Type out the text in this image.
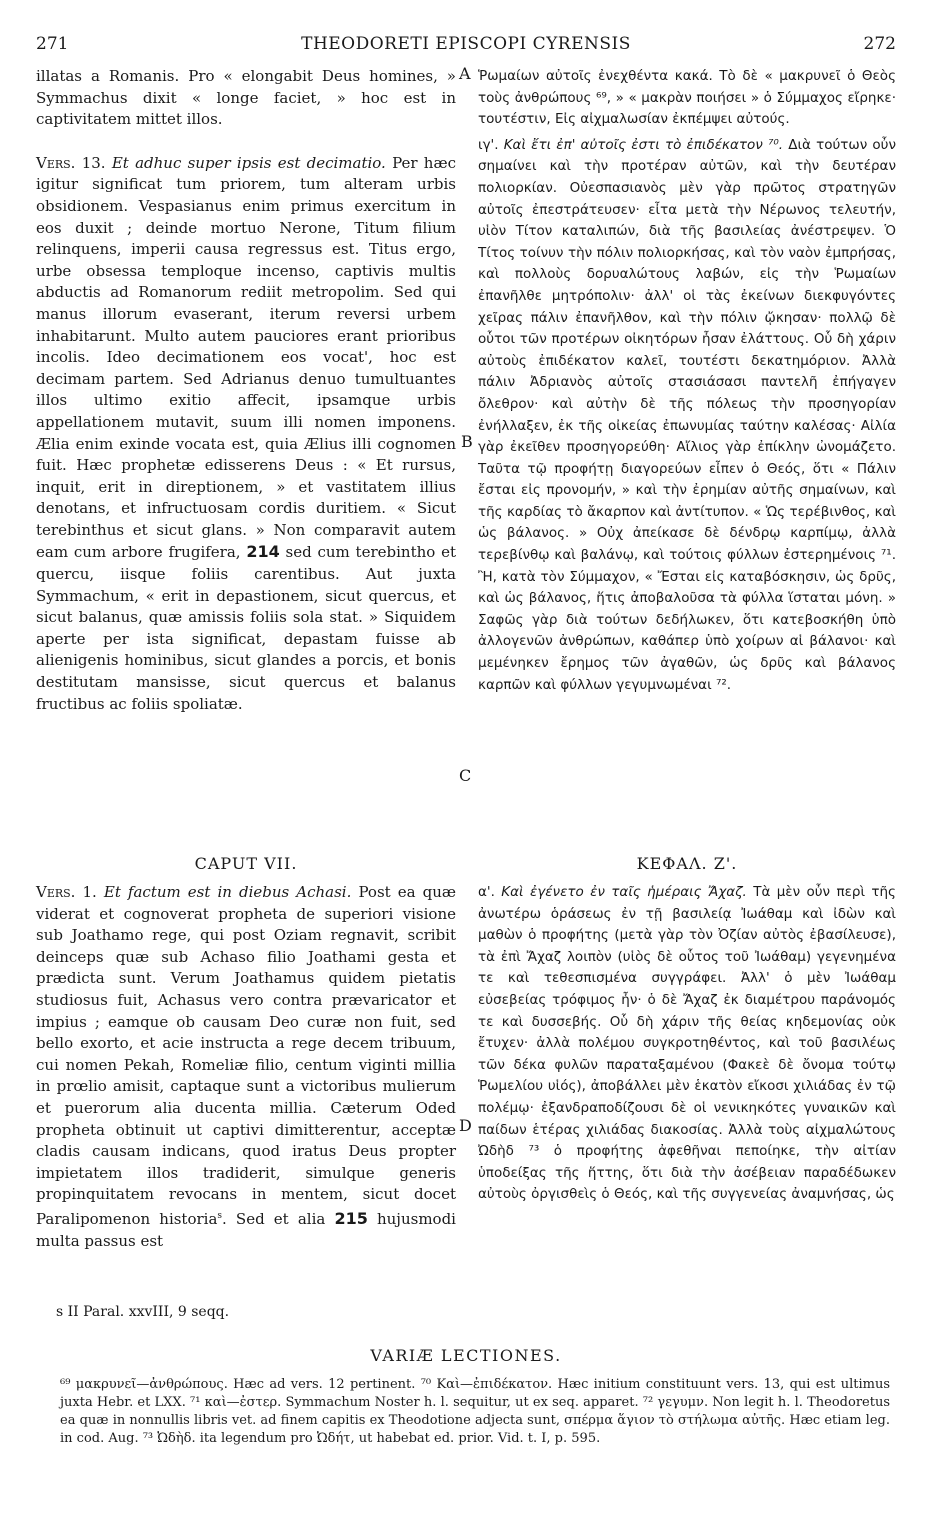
271	THEODORETI EPISCOPI CYRENSIS	272

illatas a Romanis. Pro « elongabit Deus homines, » Symmachus dixit « longe faciet, » hoc est in captivitatem mittet illos.

Vers. 13. Et adhuc super ipsis est decimatio. Per hæc igitur significat tum priorem, tum alteram urbis obsidionem. Vespasianus enim primus exercitum in eos duxit ; deinde mortuo Nerone, Titum filium relinquens, imperii causa regressus est. Titus ergo, urbe obsessa temploque incenso, captivis multis abductis ad Romanorum rediit metropolim. Sed qui manus illorum evaserant, iterum reversi urbem inhabitarunt. Multo autem pauciores erant prioribus incolis. Ideo decimationem eos vocat', hoc est decimam partem. Sed Adrianus denuo tumultuantes illos ultimo exitio affecit, ipsamque urbis appellationem mutavit, suum illi nomen imponens. Ælia enim exinde vocata est, quia Ælius illi cognomen fuit. Hæc prophetæ edisserens Deus : « Et rursus, inquit, erit in direptionem, » et vastitatem illius denotans, et infructuosam cordis duritiem. « Sicut terebinthus et sicut glans. » Non comparavit autem eam cum arbore frugifera, 214 sed cum terebintho et quercu, iisque foliis carentibus. Aut juxta Symmachum, « erit in depastionem, sicut quercus, et sicut balanus, quæ amissis foliis sola stat. » Siquidem aperte per ista significat, depastam fuisse ab alienigenis hominibus, sicut glandes a porcis, et bonis destitutam mansisse, sicut quercus et balanus fructibus ac foliis spoliatæ.

Ῥωμαίων αὐτοῖς ἐνεχθέντα κακά. Τὸ δὲ « μακρυνεῖ ὁ Θεὸς τοὺς ἀνθρώπους ⁶⁹, » « μακρὰν ποιήσει » ὁ Σύμμαχος εἴρηκε· τουτέστιν, Εἰς αἰχμαλωσίαν ἐκπέμψει αὐτούς.

ιγ'. Καὶ ἔτι ἐπ' αὐτοῖς ἐστι τὸ ἐπιδέκατον ⁷⁰. Διὰ τούτων οὖν σημαίνει καὶ τὴν προτέραν αὐτῶν, καὶ τὴν δευτέραν πολιορκίαν. Οὐεσπασιανὸς μὲν γὰρ πρῶτος στρατηγῶν αὐτοῖς ἐπεστράτευσεν· εἶτα μετὰ τὴν Νέρωνος τελευτήν, υἱὸν Τίτον καταλιπών, διὰ τῆς βασιλείας ἀνέστρεψεν. Ὁ Τίτος τοίνυν τὴν πόλιν πολιορκήσας, καὶ τὸν ναὸν ἐμπρήσας, καὶ πολλοὺς δορυαλώτους λαβών, εἰς τὴν Ῥωμαίων ἐπανῆλθε μητρόπολιν· ἀλλ' οἱ τὰς ἐκείνων διεκφυγόντες χεῖρας πάλιν ἐπανῆλθον, καὶ τὴν πόλιν ᾤκησαν· πολλῷ δὲ οὗτοι τῶν προτέρων οἰκητόρων ἦσαν ἐλάττους. Οὗ δὴ χάριν αὐτοὺς ἐπιδέκατον καλεῖ, τουτέστι δεκατημόριον. Ἀλλὰ πάλιν Ἀδριανὸς αὐτοῖς στασιάσασι παντελῆ ἐπήγαγεν ὄλεθρον· καὶ αὐτὴν δὲ τῆς πόλεως τὴν προσηγορίαν ἐνήλλαξεν, ἐκ τῆς οἰκείας ἐπωνυμίας ταύτην καλέσας· Αἰλία γὰρ ἐκεῖθεν προσηγορεύθη· Αἴλιος γὰρ ἐπίκλην ὠνομάζετο. Ταῦτα τῷ προφήτῃ διαγορεύων εἶπεν ὁ Θεός, ὅτι « Πάλιν ἔσται εἰς προνομήν, » καὶ τὴν ἐρημίαν αὐτῆς σημαίνων, καὶ τῆς καρδίας τὸ ἄκαρπον καὶ ἀντίτυπον. « Ὡς τερέβινθος, καὶ ὡς βάλανος. » Οὐχ ἀπείκασε δὲ δένδρῳ καρπίμῳ, ἀλλὰ τερεβίνθῳ καὶ βαλάνῳ, καὶ τούτοις φύλλων ἐστερημένοις ⁷¹. Ἢ, κατὰ τὸν Σύμμαχον, « Ἔσται εἰς καταβόσκησιν, ὡς δρῦς, καὶ ὡς βάλανος, ἥτις ἀποβαλοῦσα τὰ φύλλα ἵσταται μόνη. » Σαφῶς γὰρ διὰ τούτων δεδήλωκεν, ὅτι κατεβοσκήθη ὑπὸ ἀλλογενῶν ἀνθρώπων, καθάπερ ὑπὸ χοίρων αἱ βάλανοι· καὶ μεμένηκεν ἔρημος τῶν ἀγαθῶν, ὡς δρῦς καὶ βάλανος καρπῶν καὶ φύλλων γεγυμνωμέναι ⁷².

A
B
C
D
CAPUT VII.	ΚΕΦΑΛ. Ζ'.

Vers. 1. Et factum est in diebus Achasi. Post ea quæ viderat et cognoverat propheta de superiori visione sub Joathamo rege, qui post Oziam regnavit, scribit deinceps quæ sub Achaso filio Joathami gesta et prædicta sunt. Verum Joathamus quidem pietatis studiosus fuit, Achasus vero contra prævaricator et impius ; eamque ob causam Deo curæ non fuit, sed bello exorto, et acie instructa a rege decem tribuum, cui nomen Pekah, Romeliæ filio, centum viginti millia in prœlio amisit, captaque sunt a victoribus mulierum et puerorum alia ducenta millia. Cæterum Oded propheta obtinuit ut captivi dimitterentur, acceptæ cladis causam indicans, quod iratus Deus propter impietatem illos tradiderit, simulque generis propinquitatem revocans in mentem, sicut docet Paralipomenon historia$^s$. Sed et alia 215 hujusmodi multa passus est

s II Paral. xxvIII, 9 seqq.

α'. Καὶ ἐγένετο ἐν ταῖς ἡμέραις Ἄχαζ. Τὰ μὲν οὖν περὶ τῆς ἀνωτέρω ὁράσεως ἐν τῇ βασιλείᾳ Ἰωάθαμ καὶ ἰδὼν καὶ μαθὼν ὁ προφήτης (μετὰ γὰρ τὸν Ὀζίαν αὐτὸς ἐβασίλευσε), τὰ ἐπὶ Ἄχαζ λοιπὸν (υἱὸς δὲ οὗτος τοῦ Ἰωάθαμ) γεγενημένα τε καὶ τεθεσπισμένα συγγράφει. Ἀλλ' ὁ μὲν Ἰωάθαμ εὐσεβείας τρόφιμος ἦν· ὁ δὲ Ἄχαζ ἐκ διαμέτρου παράνομός τε καὶ δυσσεβής. Οὗ δὴ χάριν τῆς θείας κηδεμονίας οὐκ ἔτυχεν· ἀλλὰ πολέμου συγκροτηθέντος, καὶ τοῦ βασιλέως τῶν δέκα φυλῶν παραταξαμένου (Φακεὲ δὲ ὄνομα τούτῳ Ῥωμελίου υἱός), ἀποβάλλει μὲν ἑκατὸν εἴκοσι χιλιάδας ἐν τῷ πολέμῳ· ἐξανδραποδίζουσι δὲ οἱ νενικηκότες γυναικῶν καὶ παίδων ἑτέρας χιλιάδας διακοσίας. Ἀλλὰ τοὺς αἰχμαλώτους Ὠδὴδ ⁷³ ὁ προφήτης ἀφεθῆναι πεποίηκε, τὴν αἰτίαν ὑποδείξας τῆς ἥττης, ὅτι διὰ τὴν ἀσέβειαν παραδέδωκεν αὐτοὺς ὀργισθεὶς ὁ Θεός, καὶ τῆς συγγενείας ἀναμνήσας, ὡς

VARIÆ LECTIONES.
⁶⁹ μακρυνεῖ—ἀνθρώπους. Hæc ad vers. 12 pertinent. ⁷⁰ Καὶ—ἐπιδέκατον. Hæc initium constituunt vers. 13, qui est ultimus juxta Hebr. et LXX. ⁷¹ καὶ—ἐστερ. Symmachum Noster h. l. sequitur, ut ex seq. apparet. ⁷² γεγυμν. Non legit h. l. Theodoretus ea quæ in nonnullis libris vet. ad finem capitis ex Theodotione adjecta sunt, σπέρμα ἅγιον τὸ στήλωμα αὐτῆς. Hæc etiam leg. in cod. Aug. ⁷³ Ὠδὴδ. ita legendum pro Ὠδήτ, ut habebat ed. prior. Vid. t. I, p. 595.
